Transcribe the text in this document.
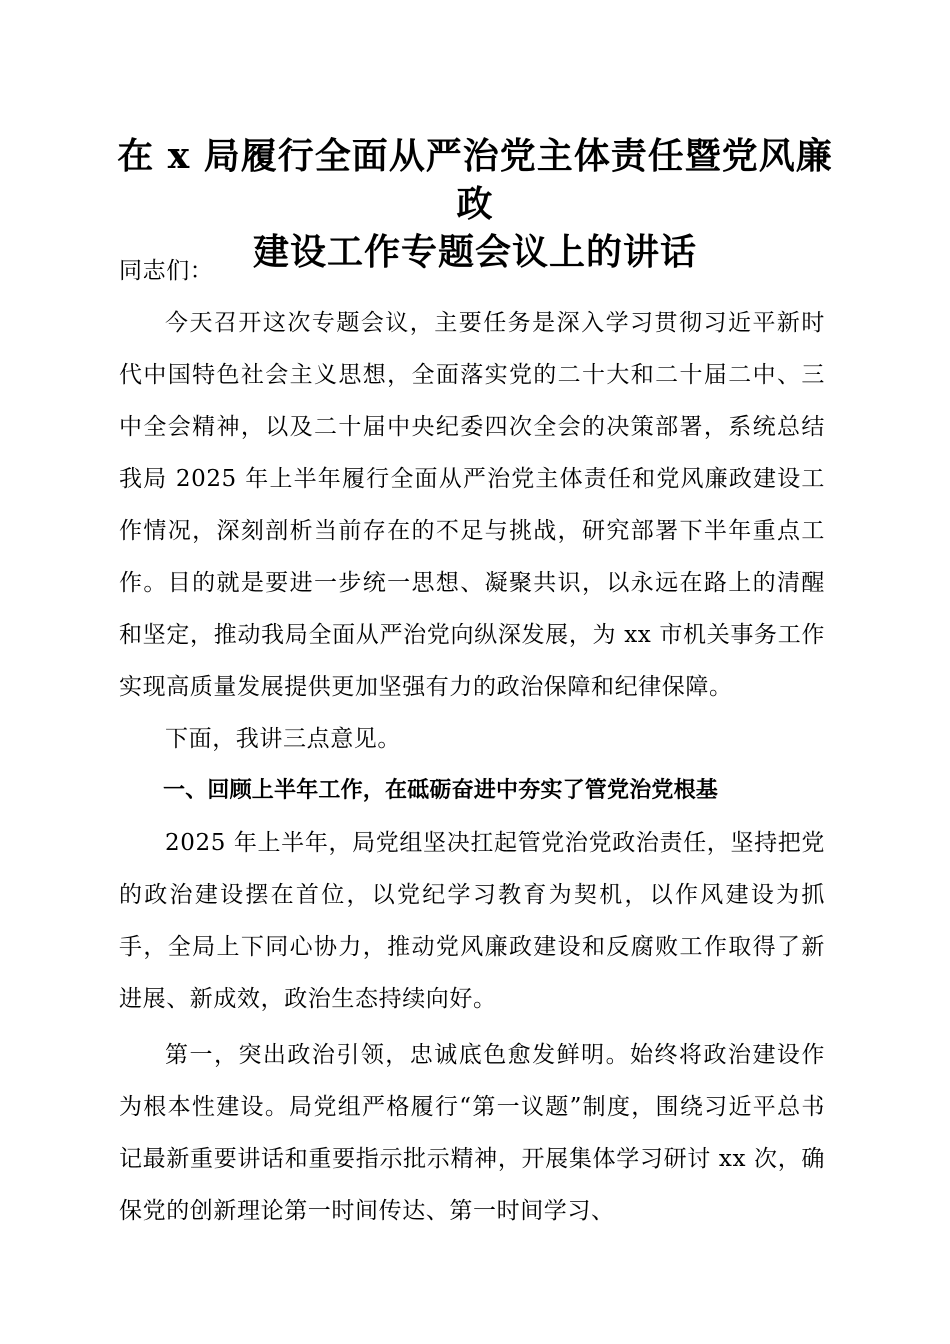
在 x 局履行全面从严治党主体责任暨党风廉政
建设工作专题会议上的讲话

同志们：

今天召开这次专题会议，主要任务是深入学习贯彻习近平新时代中国特色社会主义思想，全面落实党的二十大和二十届二中、三中全会精神，以及二十届中央纪委四次全会的决策部署，系统总结我局 2025 年上半年履行全面从严治党主体责任和党风廉政建设工作情况，深刻剖析当前存在的不足与挑战，研究部署下半年重点工作。目的就是要进一步统一思想、凝聚共识，以永远在路上的清醒和坚定，推动我局全面从严治党向纵深发展，为 xx 市机关事务工作实现高质量发展提供更加坚强有力的政治保障和纪律保障。

下面，我讲三点意见。

一、回顾上半年工作，在砥砺奋进中夯实了管党治党根基

2025 年上半年，局党组坚决扛起管党治党政治责任，坚持把党的政治建设摆在首位，以党纪学习教育为契机，以作风建设为抓手，全局上下同心协力，推动党风廉政建设和反腐败工作取得了新进展、新成效，政治生态持续向好。

第一，突出政治引领，忠诚底色愈发鲜明。始终将政治建设作为根本性建设。局党组严格履行“第一议题”制度，围绕习近平总书记最新重要讲话和重要指示批示精神，开展集体学习研讨 xx 次，确保党的创新理论第一时间传达、第一时间学习、
